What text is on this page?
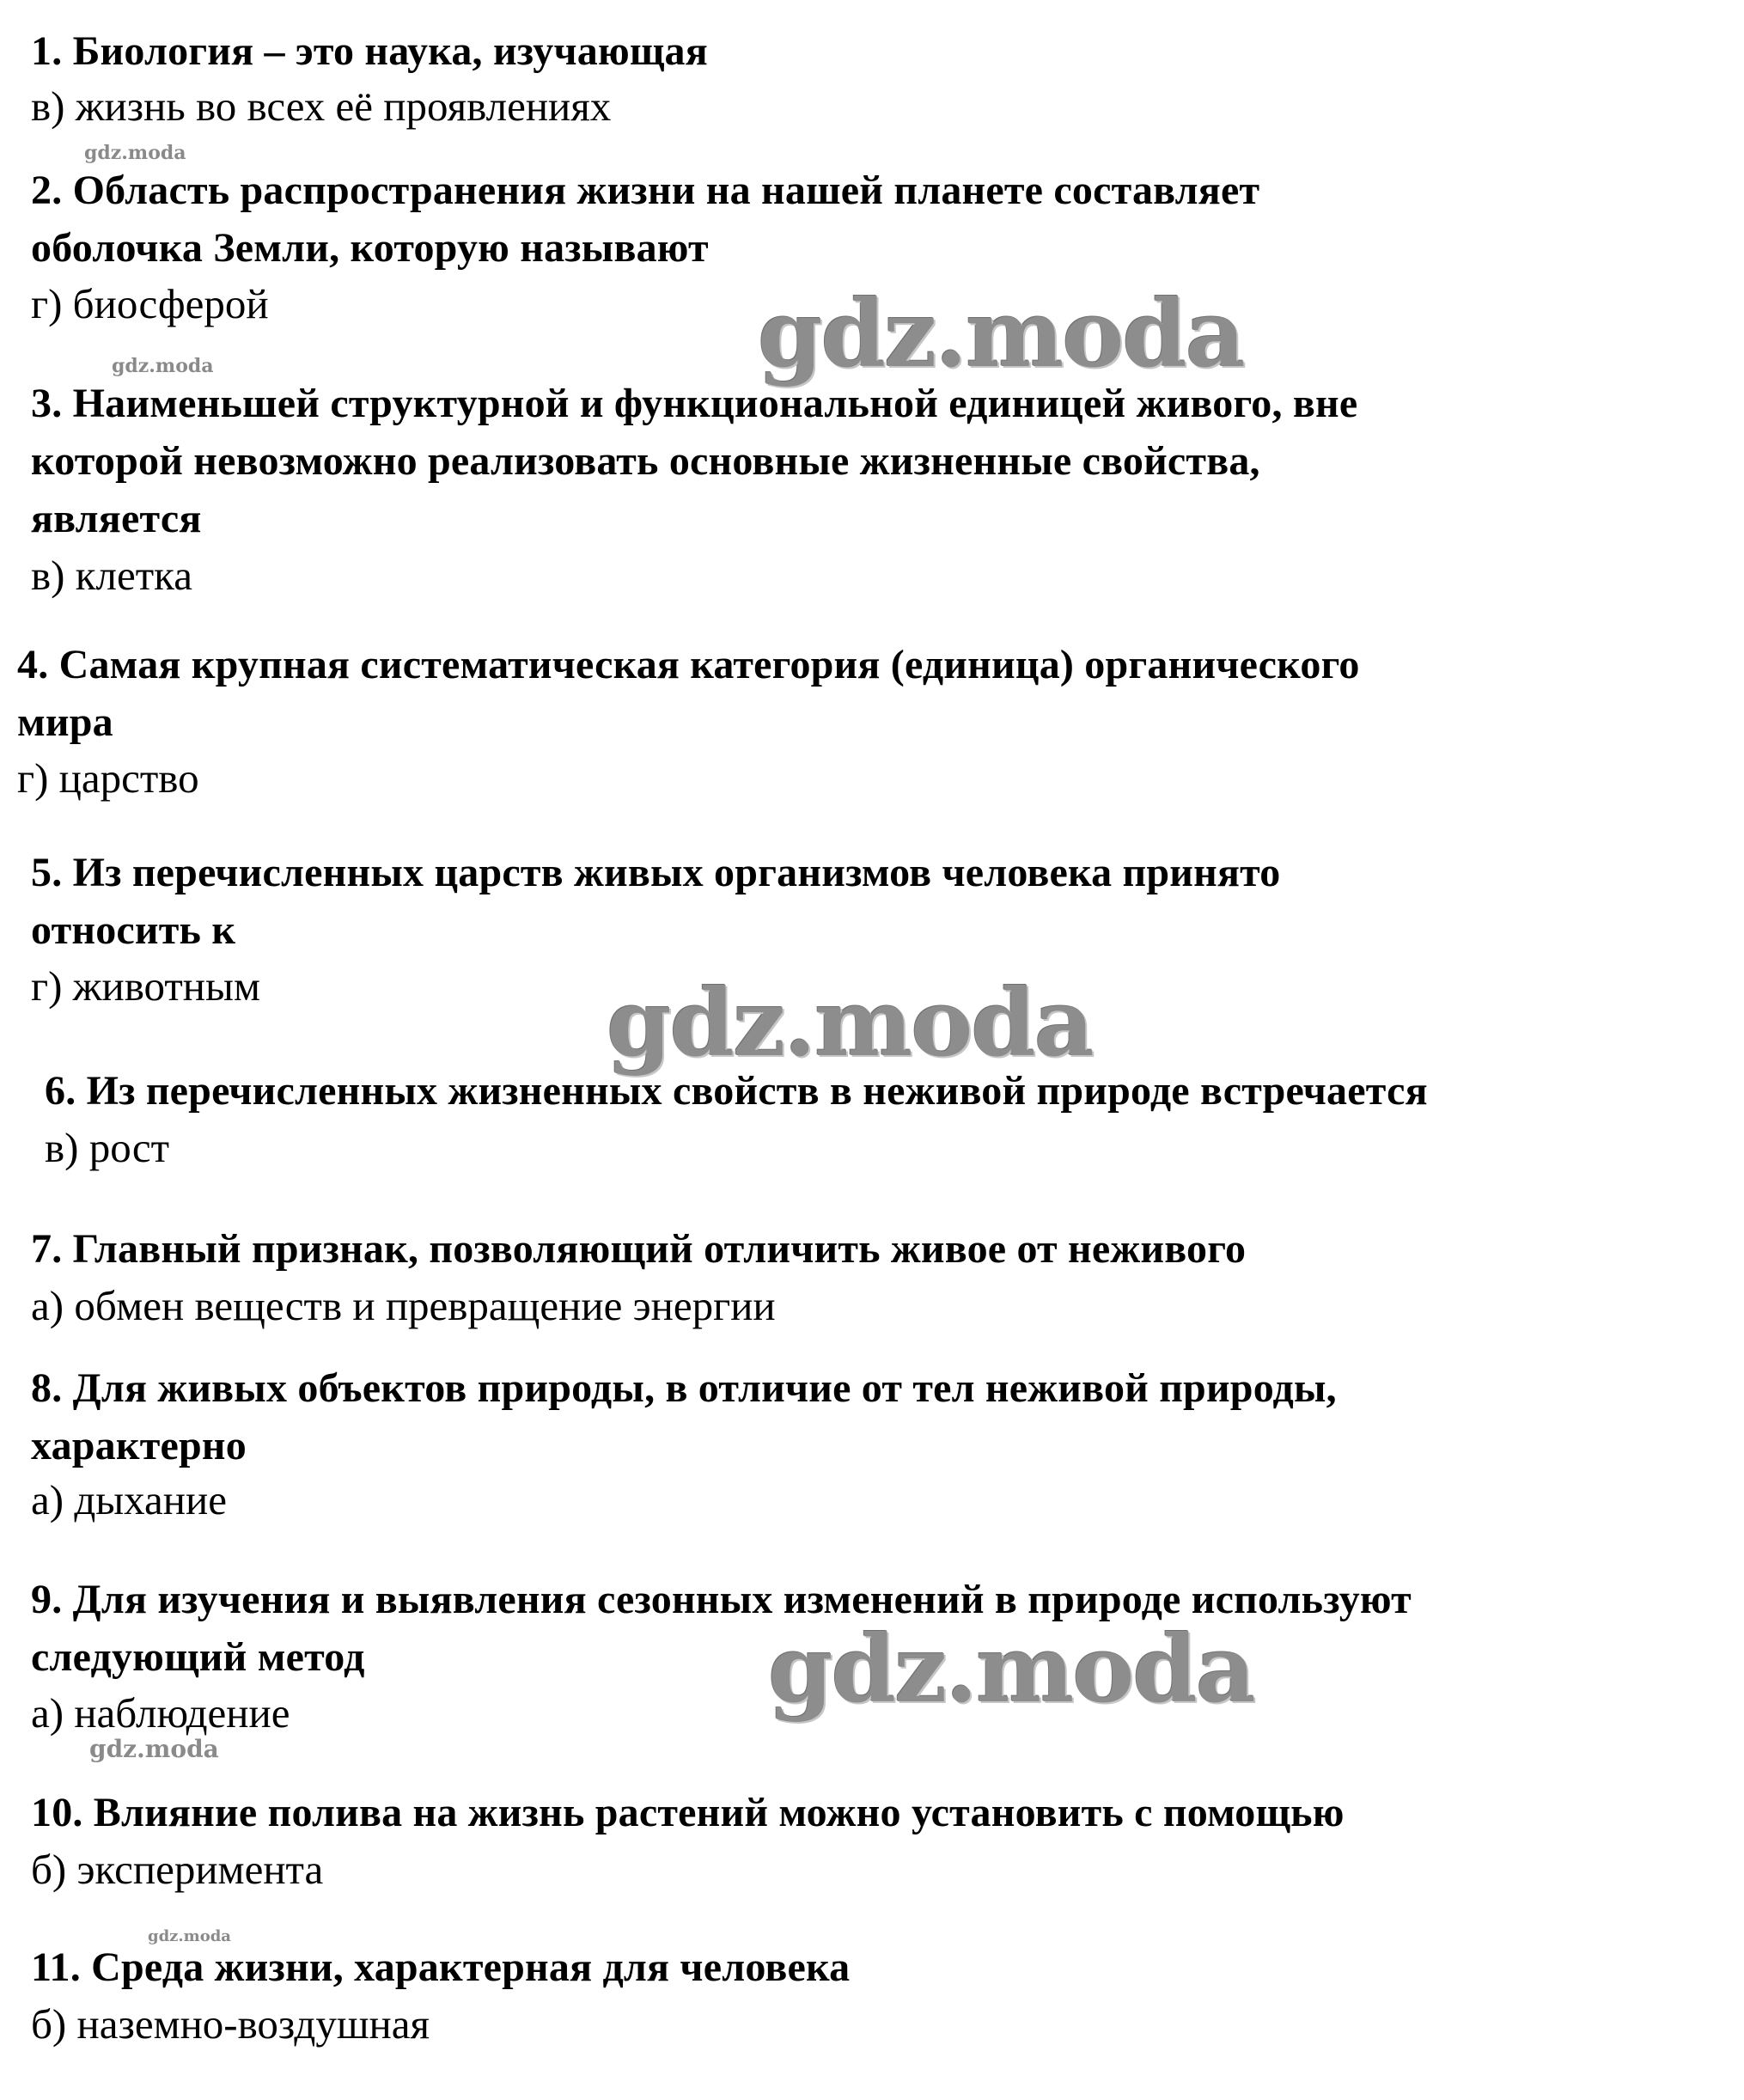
1. Биология – это наука, изучающая
в) жизнь во всех её проявлениях
2. Область распространения жизни на нашей планете составляет
оболочка Земли, которую называют
г) биосферой
3. Наименьшей структурной и функциональной единицей живого, вне
которой невозможно реализовать основные жизненные свойства,
является
в) клетка
4. Самая крупная систематическая категория (единица) органического
мира
г) царство
5. Из перечисленных царств живых организмов человека принято
относить к
г) животным
6. Из перечисленных жизненных свойств в неживой природе встречается
в) рост
7. Главный признак, позволяющий отличить живое от неживого
а) обмен веществ и превращение энергии
8. Для живых объектов природы, в отличие от тел неживой природы,
характерно
а) дыхание
9. Для изучения и выявления сезонных изменений в природе используют
следующий метод
а) наблюдение
10. Влияние полива на жизнь растений можно установить с помощью
б) эксперимента
11. Среда жизни, характерная для человека
б) наземно-воздушная
gdz.moda
gdz.moda
gdz.moda
gdz.moda
gdz.moda
gdz.moda
gdz.moda
